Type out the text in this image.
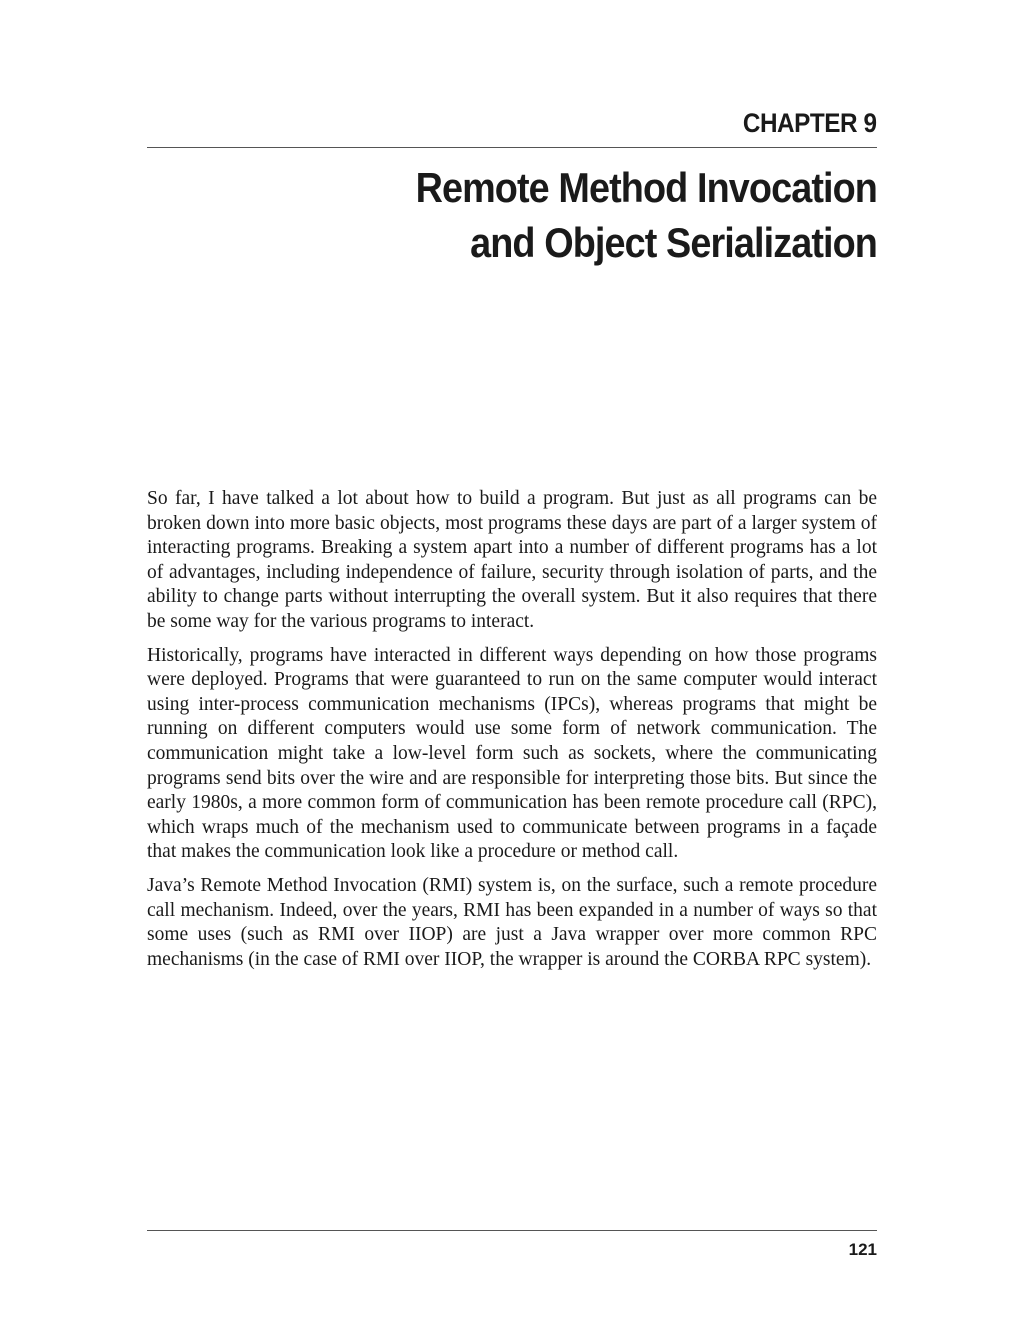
CHAPTER 9
Remote Method Invocation
and Object Serialization

So far, I have talked a lot about how to build a program. But just as all programs can be broken down into more basic objects, most programs these days are part of a larger system of interacting programs. Breaking a system apart into a number of different programs has a lot of advantages, including independence of failure, security through isolation of parts, and the ability to change parts without interrupting the overall system. But it also requires that there be some way for the various programs to interact.

Historically, programs have interacted in different ways depending on how those programs were deployed. Programs that were guaranteed to run on the same computer would interact using inter-process communication mechanisms (IPCs), whereas programs that might be running on different computers would use some form of network communication. The communication might take a low-level form such as sockets, where the communicating programs send bits over the wire and are responsible for interpreting those bits. But since the early 1980s, a more common form of communication has been remote procedure call (RPC), which wraps much of the mechanism used to communicate between programs in a façade that makes the communication look like a procedure or method call.

Java’s Remote Method Invocation (RMI) system is, on the surface, such a remote procedure call mechanism. Indeed, over the years, RMI has been expanded in a number of ways so that some uses (such as RMI over IIOP) are just a Java wrapper over more common RPC mechanisms (in the case of RMI over IIOP, the wrapper is around the CORBA RPC system).

121
